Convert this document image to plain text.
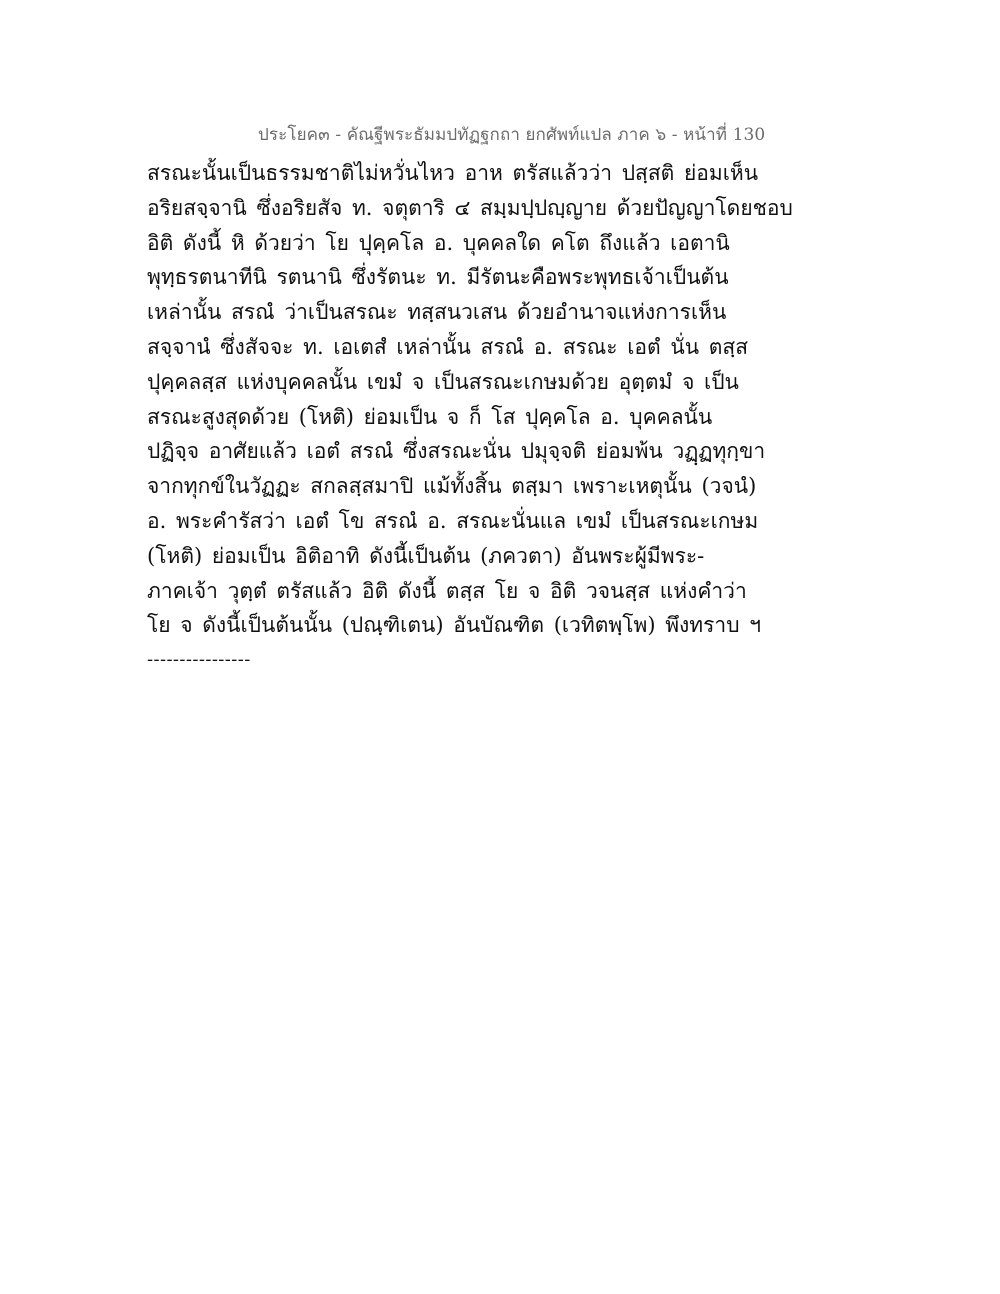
ประโยค๓ - คัณฐีพระธัมมปทัฏฐกถา ยกศัพท์แปล ภาค ๖ - หน้าที่ 130
สรณะนั้นเป็นธรรมชาติไม่หวั่นไหว อาห ตรัสแล้วว่า ปสฺสติ ย่อมเห็น
อริยสจฺจานิ ซึ่งอริยสัจ ท. จตุตาริ ๔ สมฺมปฺปญฺญาย ด้วยปัญญาโดยชอบ
อิติ ดังนี้ หิ ด้วยว่า โย ปุคฺคโล อ. บุคคลใด คโต ถึงแล้ว เอตานิ
พุทฺธรตนาทีนิ รตนานิ ซึ่งรัตนะ ท. มีรัตนะคือพระพุทธเจ้าเป็นต้น
เหล่านั้น สรณํ ว่าเป็นสรณะ ทสฺสนวเสน ด้วยอำนาจแห่งการเห็น
สจฺจานํ ซึ่งสัจจะ ท. เอเตสํ เหล่านั้น สรณํ อ. สรณะ เอตํ นั่น ตสฺส
ปุคฺคลสฺส แห่งบุคคลนั้น เขมํ จ เป็นสรณะเกษมด้วย อุตฺตมํ จ เป็น
สรณะสูงสุดด้วย (โหติ) ย่อมเป็น จ ก็ โส ปุคฺคโล อ. บุคคลนั้น
ปฏิจฺจ อาศัยแล้ว เอตํ สรณํ ซึ่งสรณะนั่น ปมุจฺจติ ย่อมพ้น วฏฺฏทุกฺขา
จากทุกข์ในวัฏฏะ สกลสฺสมาปิ แม้ทั้งสิ้น ตสฺมา เพราะเหตุนั้น (วจนํ)
อ. พระคำรัสว่า เอตํ โข สรณํ อ. สรณะนั่นแล เขมํ เป็นสรณะเกษม
(โหติ) ย่อมเป็น อิติอาทิ ดังนี้เป็นต้น (ภควตา) อันพระผู้มีพระ-
ภาคเจ้า วุตฺตํ ตรัสแล้ว อิติ ดังนี้ ตสฺส โย จ อิติ วจนสฺส แห่งคำว่า
โย จ ดังนี้เป็นต้นนั้น (ปณฺฑิเตน) อันบัณฑิต (เวทิตพฺโพ) พึงทราบ ฯ
----------------
